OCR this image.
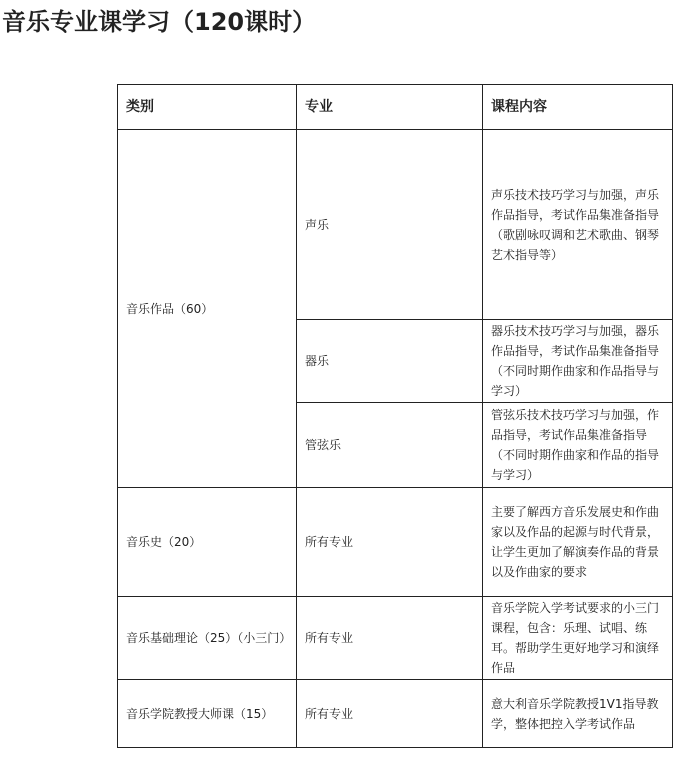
音乐专业课学习（120课时）
类别	专业	课程内容
音乐作品（60）	声乐	声乐技术技巧学习与加强，声乐作品指导，考试作品集准备指导（歌剧咏叹调和艺术歌曲、钢琴艺术指导等）
	器乐	器乐技术技巧学习与加强，器乐作品指导，考试作品集准备指导（不同时期作曲家和作品指导与学习）
	管弦乐	管弦乐技术技巧学习与加强，作品指导，考试作品集准备指导（不同时期作曲家和作品的指导与学习）
音乐史（20）	所有专业	主要了解西方音乐发展史和作曲家以及作品的起源与时代背景，让学生更加了解演奏作品的背景以及作曲家的要求
音乐基础理论（25）（小三门）	所有专业	音乐学院入学考试要求的小三门课程，包含：乐理、试唱、练耳。帮助学生更好地学习和演绎作品
音乐学院教授大师课（15）	所有专业	意大利音乐学院教授1V1指导教学，整体把控入学考试作品
